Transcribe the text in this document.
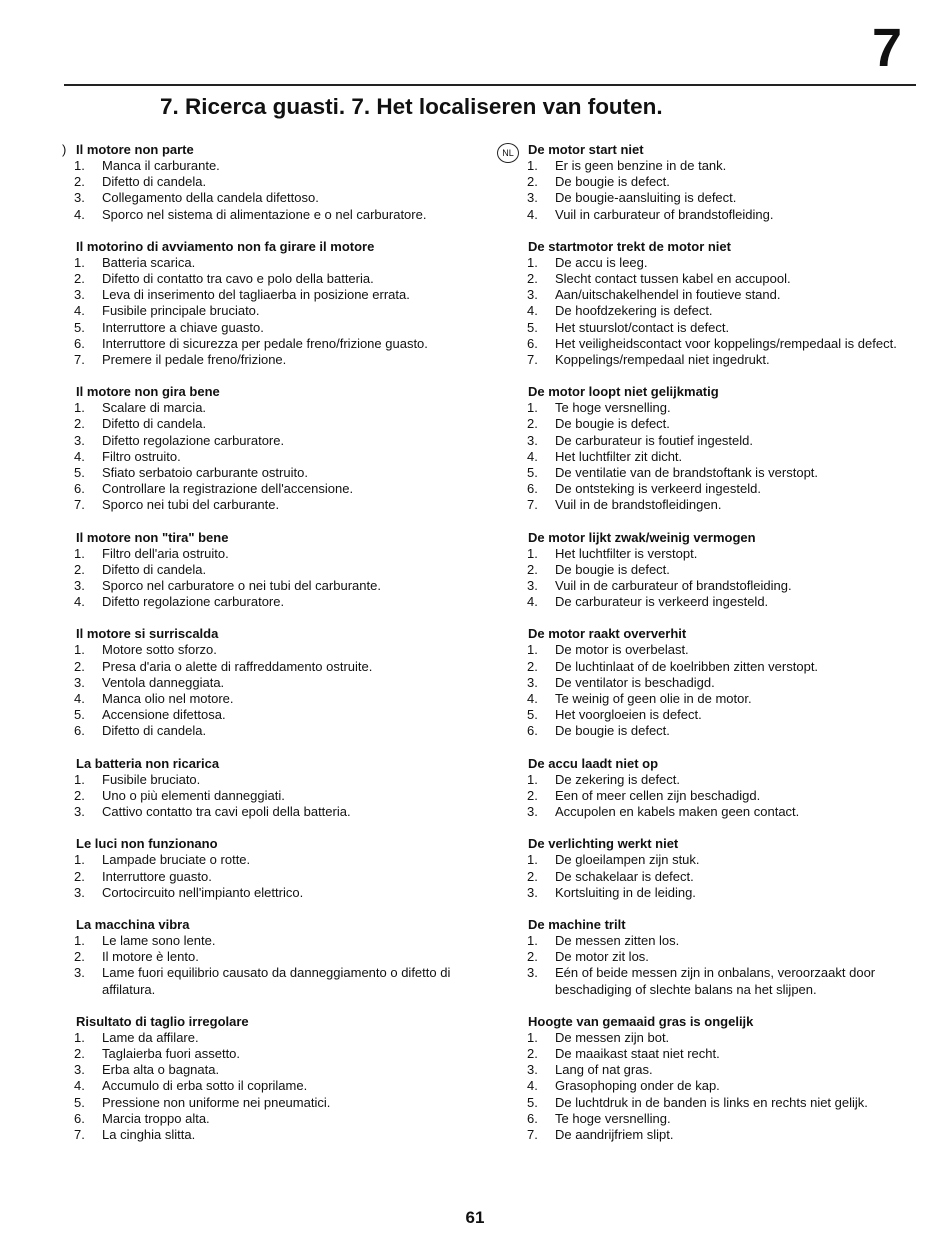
7
7. Ricerca guasti. 7. Het localiseren van fouten.
) Il motore non parte
1. Manca il carburante.
2. Difetto di candela.
3. Collegamento della candela difettoso.
4. Sporco nel sistema di alimentazione e o nel carburatore.
Il motorino di avviamento non fa girare il motore
1. Batteria scarica.
2. Difetto di contatto tra cavo e polo della batteria.
3. Leva di inserimento del tagliaerba in posizione errata.
4. Fusibile principale bruciato.
5. Interruttore a chiave guasto.
6. Interruttore di sicurezza per pedale freno/frizione guasto.
7. Premere il pedale freno/frizione.
Il motore non gira bene
1. Scalare di marcia.
2. Difetto di candela.
3. Difetto regolazione carburatore.
4. Filtro ostruito.
5. Sfiato serbatoio carburante ostruito.
6. Controllare la registrazione dell'accensione.
7. Sporco nei tubi del carburante.
Il motore non "tira" bene
1. Filtro dell'aria ostruito.
2. Difetto di candela.
3. Sporco nel carburatore o nei tubi del carburante.
4. Difetto regolazione carburatore.
Il motore si surriscalda
1. Motore sotto sforzo.
2. Presa d'aria o alette di raffreddamento ostruite.
3. Ventola danneggiata.
4. Manca olio nel motore.
5. Accensione difettosa.
6. Difetto di candela.
La batteria non ricarica
1. Fusibile bruciato.
2. Uno o più elementi danneggiati.
3. Cattivo contatto tra cavi epoli della batteria.
Le luci non funzionano
1. Lampade bruciate o rotte.
2. Interruttore guasto.
3. Cortocircuito nell'impianto elettrico.
La macchina vibra
1. Le lame sono lente.
2. Il motore è lento.
3. Lame fuori equilibrio causato da danneggiamento o difetto di affilatura.
Risultato di taglio irregolare
1. Lame da affilare.
2. Taglaierba fuori assetto.
3. Erba alta o bagnata.
4. Accumulo di erba sotto il coprilame.
5. Pressione non uniforme nei pneumatici.
6. Marcia troppo alta.
7. La cinghia slitta.
NL	De motor start niet
1. Er is geen benzine in de tank.
2. De bougie is defect.
3. De bougie-aansluiting is defect.
4. Vuil in carburateur of brandstofleiding.
De startmotor trekt de motor niet
1. De accu is leeg.
2. Slecht contact tussen kabel en accupool.
3. Aan/uitschakelhendel in foutieve stand.
4. De hoofdzekering is defect.
5. Het stuurslot/contact is defect.
6. Het veiligheidscontact voor koppelings/rempedaal is defect.
7. Koppelings/rempedaal niet ingedrukt.
De motor loopt niet gelijkmatig
1. Te hoge versnelling.
2. De bougie is defect.
3. De carburateur is foutief ingesteld.
4. Het luchtfilter zit dicht.
5. De ventilatie van de brandstoftank is verstopt.
6. De ontsteking is verkeerd ingesteld.
7. Vuil in de brandstofleidingen.
De motor lijkt zwak/weinig vermogen
1. Het luchtfilter is verstopt.
2. De bougie is defect.
3. Vuil in de carburateur of brandstofleiding.
4. De carburateur is verkeerd ingesteld.
De motor raakt oververhit
1. De motor is overbelast.
2. De luchtinlaat of de koelribben zitten verstopt.
3. De ventilator is beschadigd.
4. Te weinig of geen olie in de motor.
5. Het voorgloeien is defect.
6. De bougie is defect.
De accu laadt niet op
1. De zekering is defect.
2. Een of meer cellen zijn beschadigd.
3. Accupolen en kabels maken geen contact.
De verlichting werkt niet
1. De gloeilampen zijn stuk.
2. De schakelaar is defect.
3. Kortsluiting in de leiding.
De machine trilt
1. De messen zitten los.
2. De motor zit los.
3. Eén of beide messen zijn in onbalans, veroorzaakt door beschadiging of slechte balans na het slijpen.
Hoogte van gemaaid gras is ongelijk
1. De messen zijn bot.
2. De maaikast staat niet recht.
3. Lang of nat gras.
4. Grasophoping onder de kap.
5. De luchtdruk in de banden is links en rechts niet gelijk.
6. Te hoge versnelling.
7. De aandrijfriem slipt.
61
